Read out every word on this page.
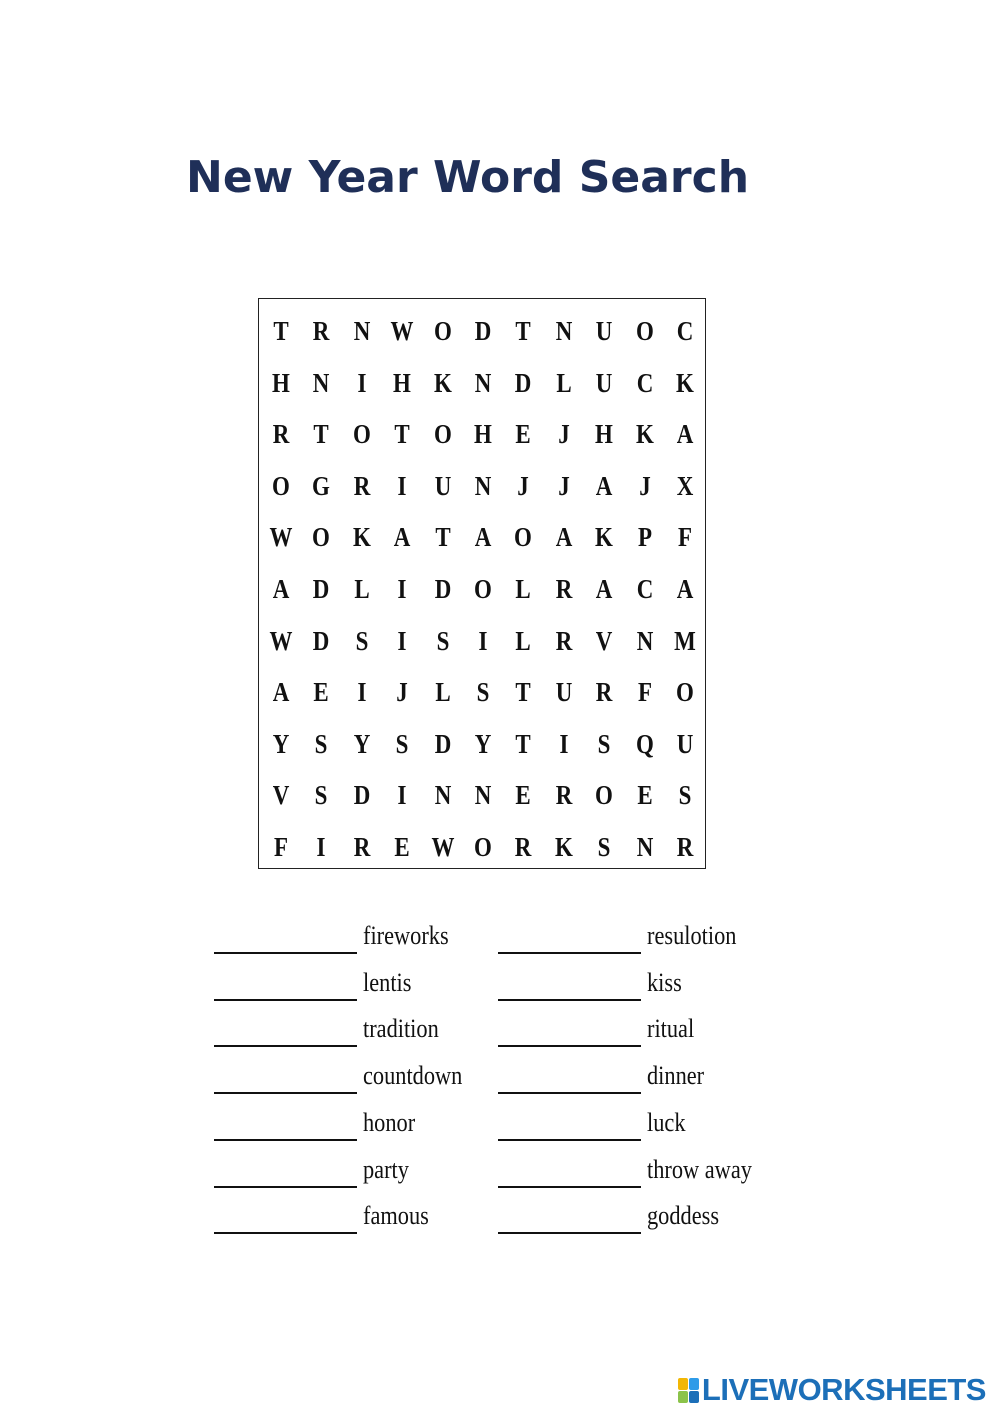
New Year Word Search
T R N W O D T N U O C
H N	I H K N D L U C K
R T O T O H E	J H K A
O G R	I	U N J	J A J X
W O K A T A O A K P F
A D L	I	D O L R A C A
W D S	I	S	I	L R V N M
A E	I	J	L S T U R F O
Y S Y S D Y T	I	S Q U
V S D	I	N N E R O E S
F	I	R E W O R K S N R
fireworks
lentis
tradition
countdown
honor
party
famous
resulotion
kiss
ritual
dinner
luck
throw away
goddess
LIVEWORKSHEETS
